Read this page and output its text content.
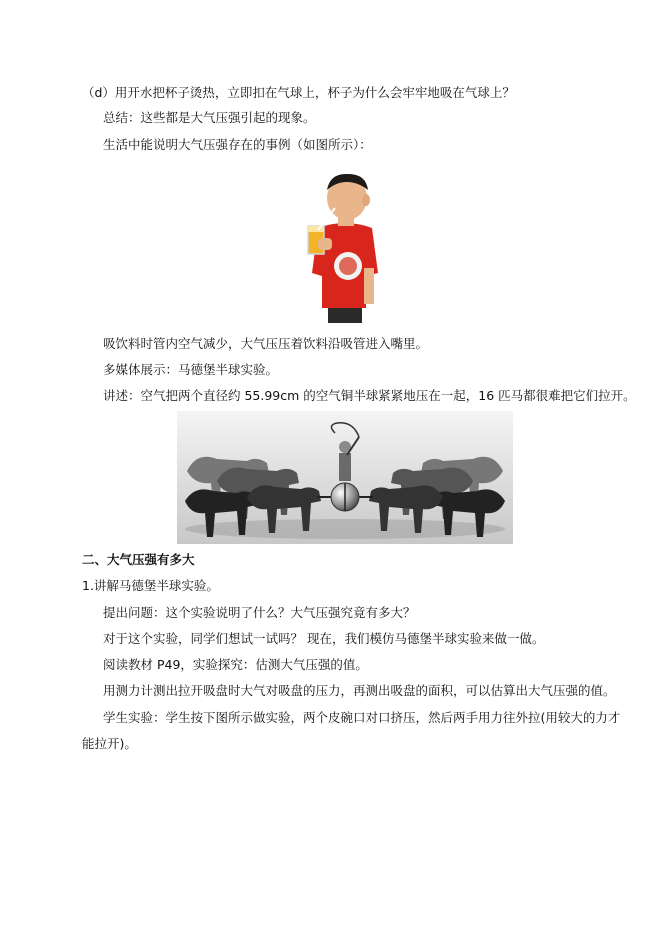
（d）用开水把杯子烫热，立即扣在气球上，杯子为什么会牢牢地吸在气球上？
总结：这些都是大气压强引起的现象。
生活中能说明大气压强存在的事例（如图所示）：
吸饮料时管内空气减少，大气压压着饮料沿吸管进入嘴里。
多媒体展示：马德堡半球实验。
讲述：空气把两个直径约 55.99cm 的空气铜半球紧紧地压在一起，16 匹马都很难把它们拉开。
二、大气压强有多大
1.讲解马德堡半球实验。
提出问题：这个实验说明了什么？大气压强究竟有多大？
对于这个实验，同学们想试一试吗？ 现在，我们模仿马德堡半球实验来做一做。
阅读教材 P49，实验探究：估测大气压强的值。
用测力计测出拉开吸盘时大气对吸盘的压力，再测出吸盘的面积，可以估算出大气压强的值。
学生实验：学生按下图所示做实验，两个皮碗口对口挤压，然后两手用力往外拉(用较大的力才
能拉开)。
